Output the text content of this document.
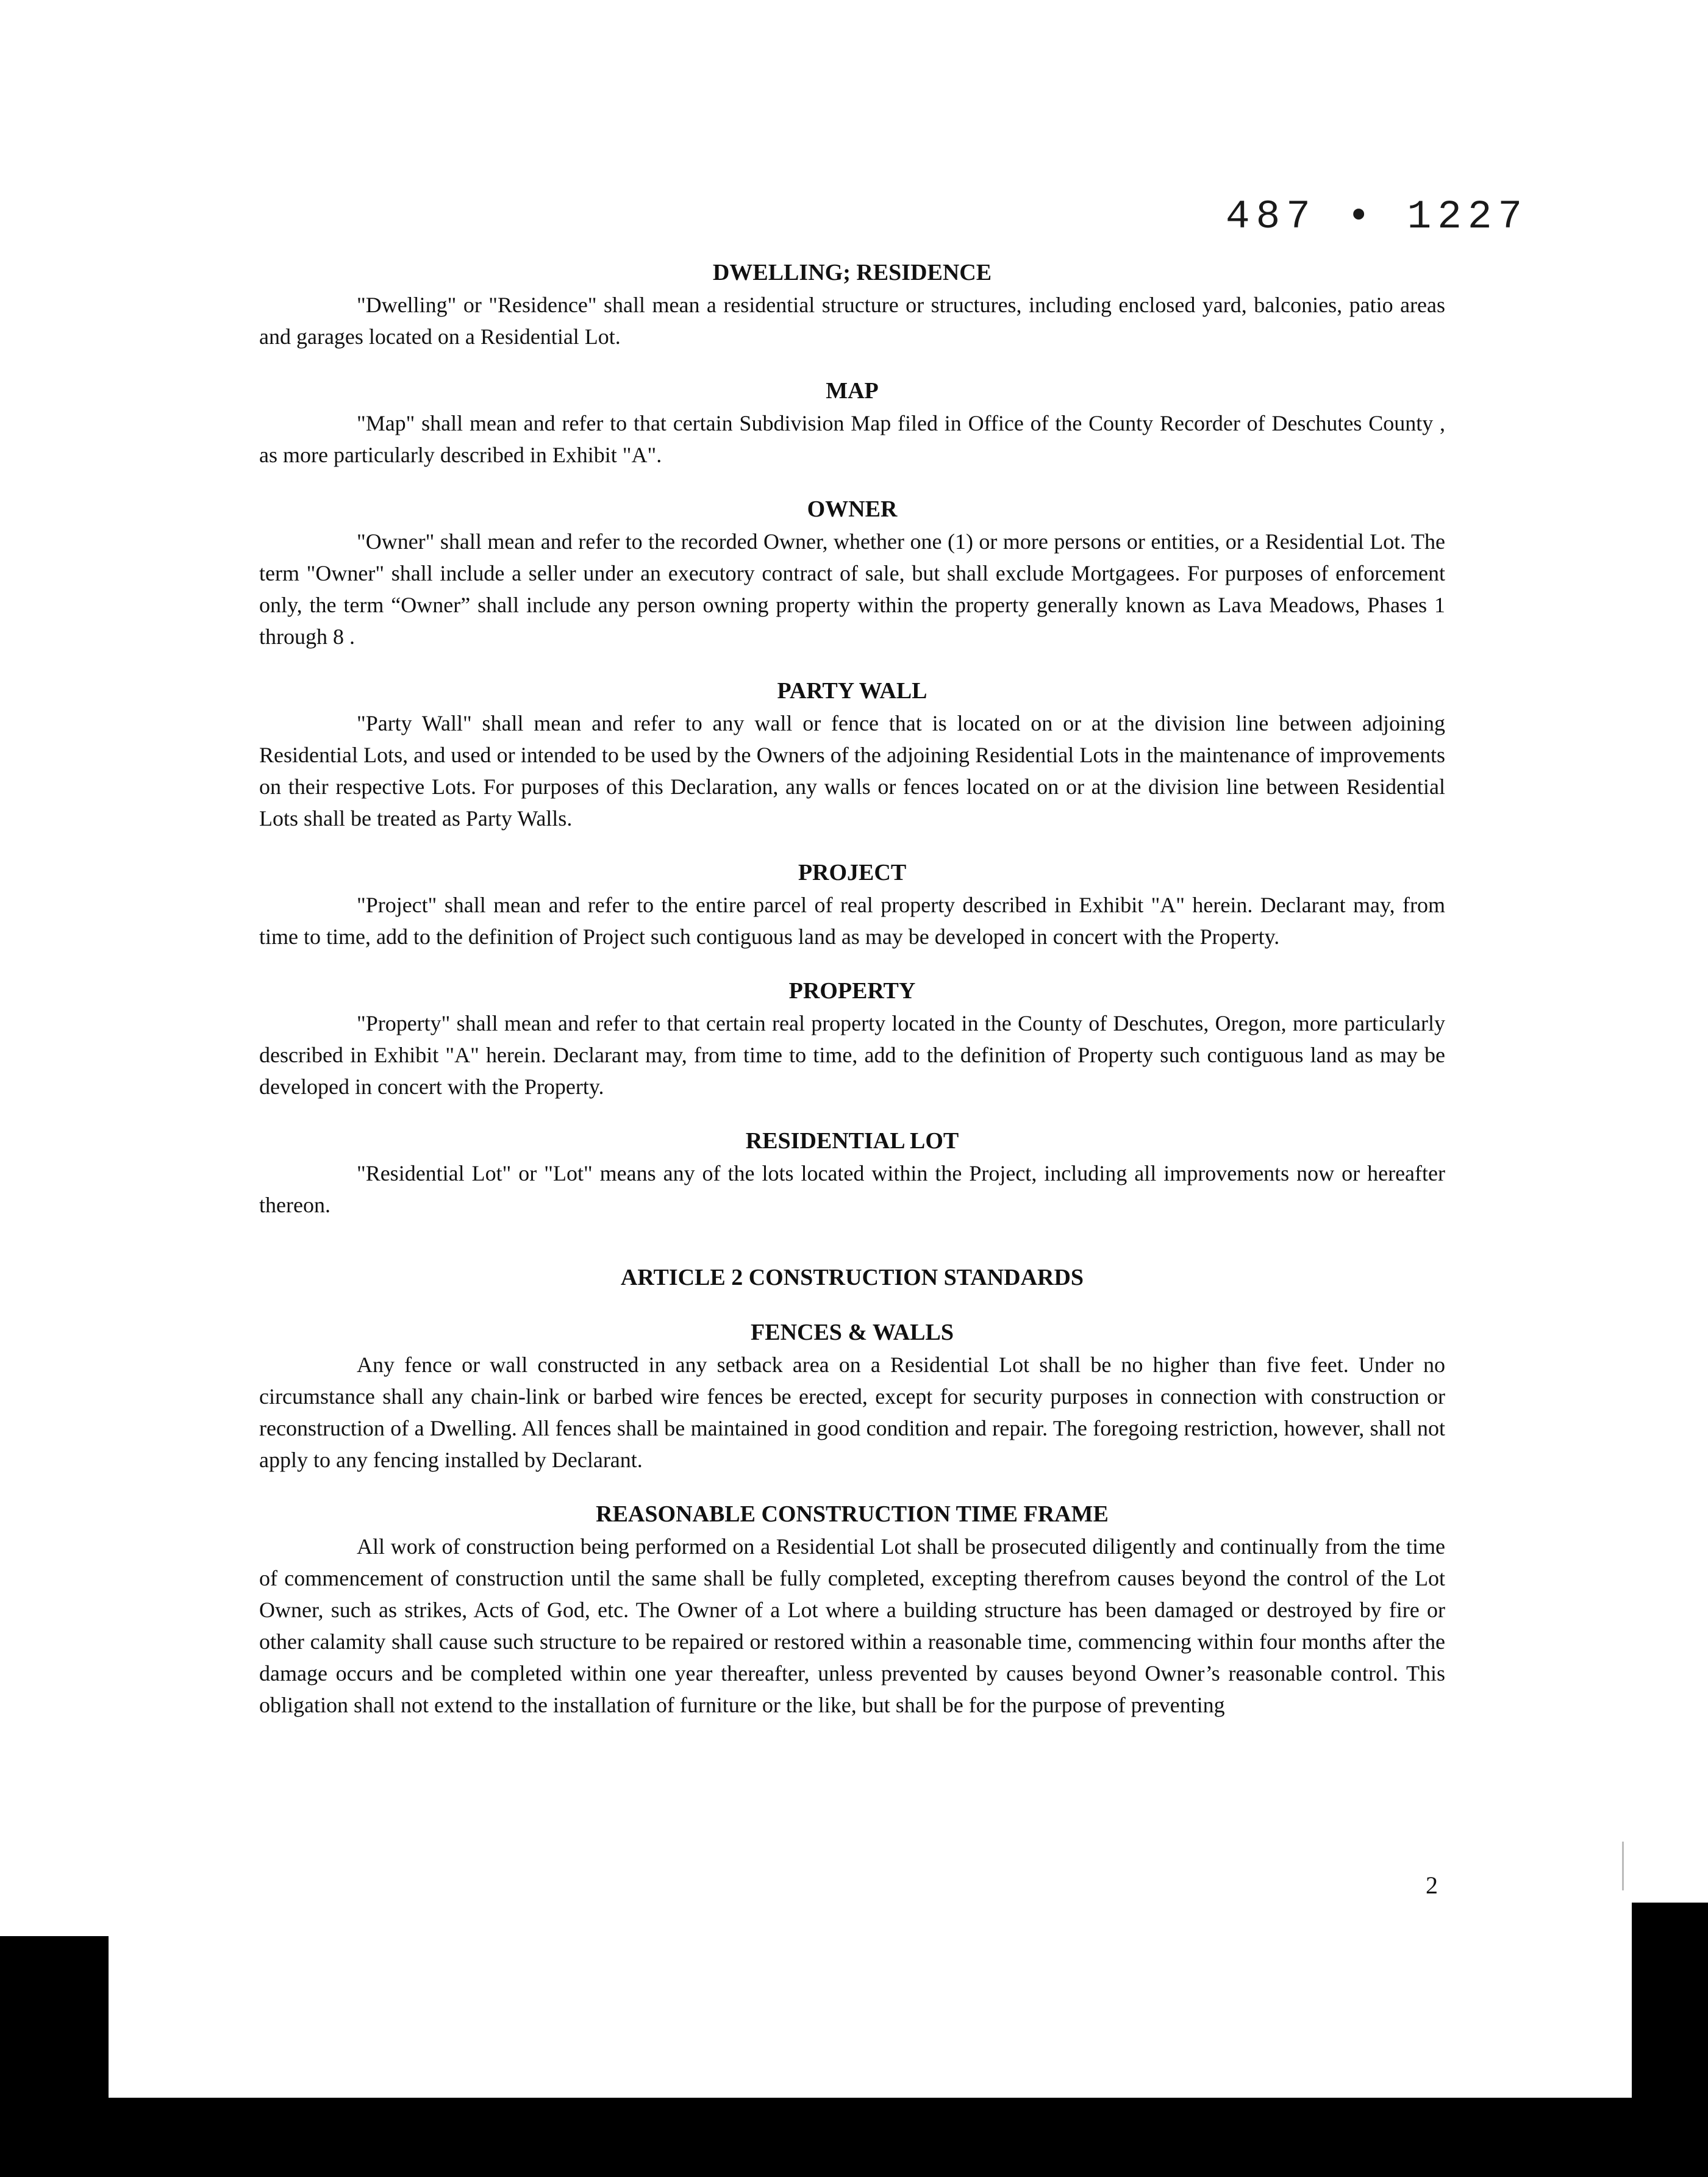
487 • 1227
DWELLING; RESIDENCE

"Dwelling" or "Residence" shall mean a residential structure or structures, including enclosed yard, balconies, patio areas and garages located on a Residential Lot.

MAP

"Map" shall mean and refer to that certain Subdivision Map filed in Office of the County Recorder of Deschutes County , as more particularly described in Exhibit "A".

OWNER

"Owner" shall mean and refer to the recorded Owner, whether one (1) or more persons or entities, or a Residential Lot. The term "Owner" shall include a seller under an executory contract of sale, but shall exclude Mortgagees. For purposes of enforcement only, the term “Owner” shall include any person owning property within the property generally known as Lava Meadows, Phases 1 through 8 .

PARTY WALL

"Party Wall" shall mean and refer to any wall or fence that is located on or at the division line between adjoining Residential Lots, and used or intended to be used by the Owners of the adjoining Residential Lots in the maintenance of improvements on their respective Lots. For purposes of this Declaration, any walls or fences located on or at the division line between Residential Lots shall be treated as Party Walls.

PROJECT

"Project" shall mean and refer to the entire parcel of real property described in Exhibit "A" herein. Declarant may, from time to time, add to the definition of Project such contiguous land as may be developed in concert with the Property.

PROPERTY

"Property" shall mean and refer to that certain real property located in the County of Deschutes, Oregon, more particularly described in Exhibit "A" herein. Declarant may, from time to time, add to the definition of Property such contiguous land as may be developed in concert with the Property.

RESIDENTIAL LOT

"Residential Lot" or "Lot" means any of the lots located within the Project, including all improvements now or hereafter thereon.

ARTICLE 2 CONSTRUCTION STANDARDS
FENCES & WALLS

Any fence or wall constructed in any setback area on a Residential Lot shall be no higher than five feet. Under no circumstance shall any chain-link or barbed wire fences be erected, except for security purposes in connection with construction or reconstruction of a Dwelling. All fences shall be maintained in good condition and repair. The foregoing restriction, however, shall not apply to any fencing installed by Declarant.

REASONABLE CONSTRUCTION TIME FRAME

All work of construction being performed on a Residential Lot shall be prosecuted diligently and continually from the time of commencement of construction until the same shall be fully completed, excepting therefrom causes beyond the control of the Lot Owner, such as strikes, Acts of God, etc. The Owner of a Lot where a building structure has been damaged or destroyed by fire or other calamity shall cause such structure to be repaired or restored within a reasonable time, commencing within four months after the damage occurs and be completed within one year thereafter, unless prevented by causes beyond Owner’s reasonable control. This obligation shall not extend to the installation of furniture or the like, but shall be for the purpose of preventing

2
